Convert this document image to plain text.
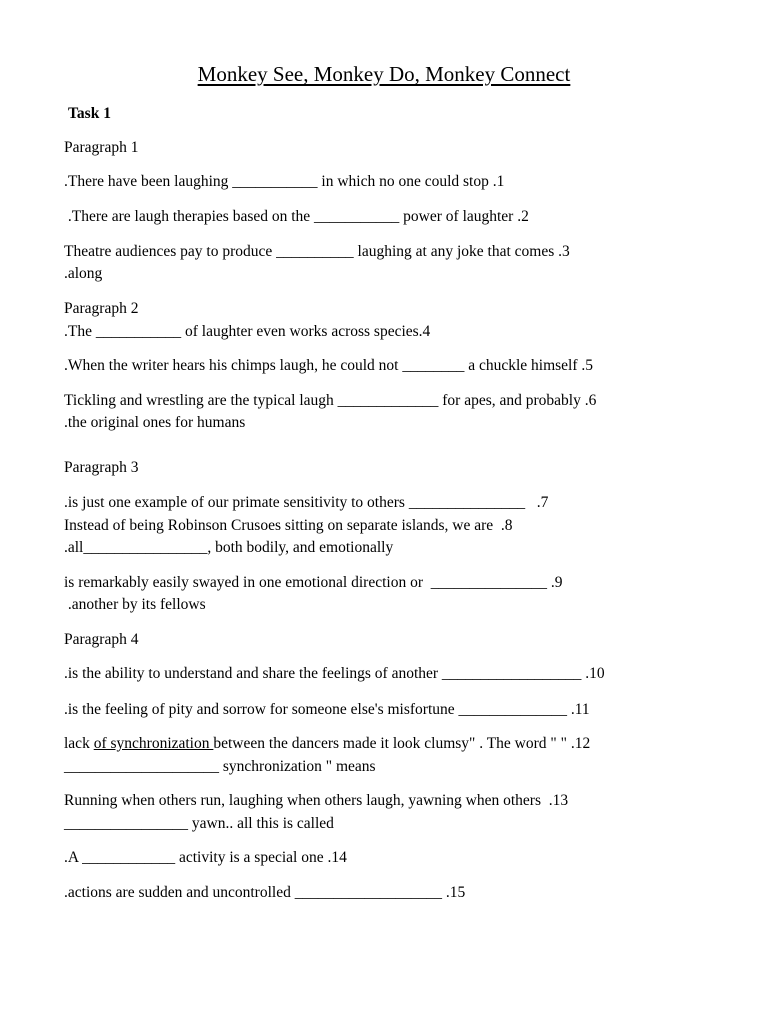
Monkey See, Monkey Do, Monkey Connect
Task 1
Paragraph 1
.There have been laughing ___________ in which no one could stop .1
.There are laugh therapies based on the ___________ power of laughter .2
Theatre audiences pay to produce __________ laughing at any joke that comes .3
.along
Paragraph 2
.The ___________ of laughter even works across species.4
.When the writer hears his chimps laugh, he could not ________ a chuckle himself .5
Tickling and wrestling are the typical laugh _____________ for apes, and probably .6
.the original ones for humans
Paragraph 3
.is just one example of our primate sensitivity to others _______________   .7
Instead of being Robinson Crusoes sitting on separate islands, we are  .8
.all________________, both bodily, and emotionally
is remarkably easily swayed in one emotional direction or  _______________ .9
.another by its fellows
Paragraph 4
.is the ability to understand and share the feelings of another __________________ .10
.is the feeling of pity and sorrow for someone else's misfortune ______________ .11
lack of synchronization between the dancers made it look clumsy" . The word " " .12
____________________ synchronization " means
Running when others run, laughing when others laugh, yawning when others  .13
________________ yawn.. all this is called
.A ____________ activity is a special one .14
.actions are sudden and uncontrolled ___________________ .15
